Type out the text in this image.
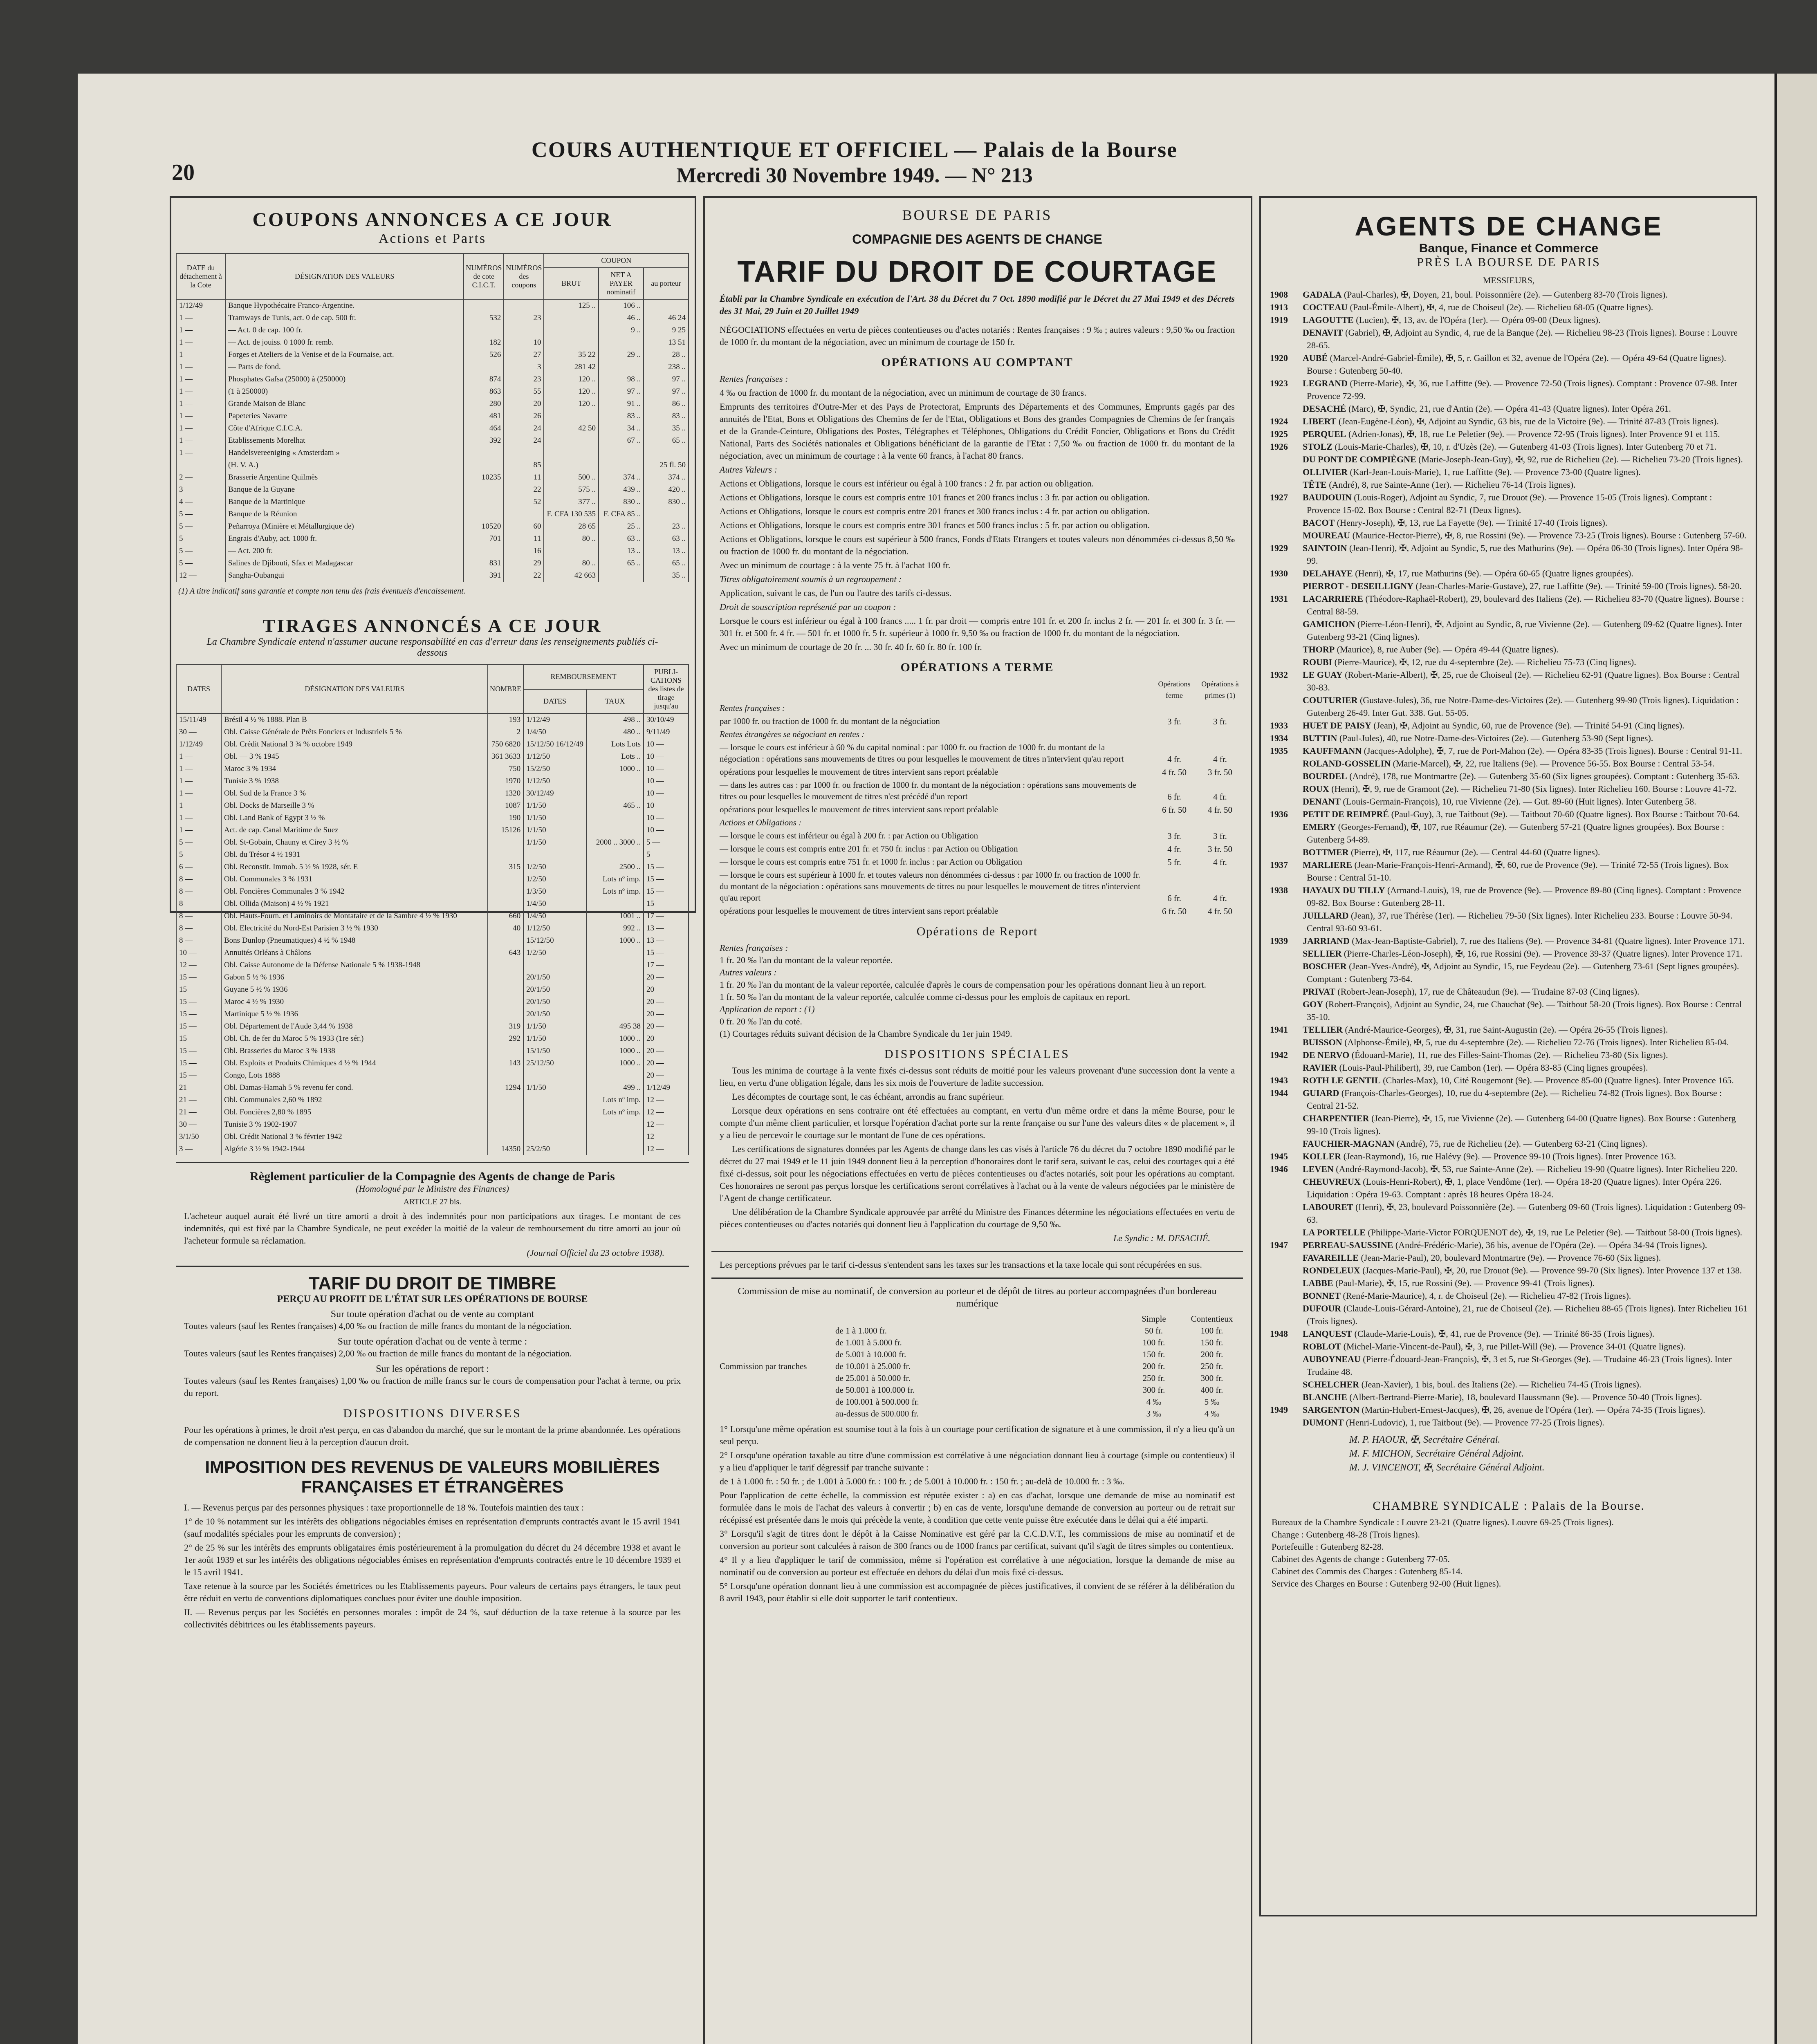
20
COURS AUTHENTIQUE ET OFFICIEL — Palais de la Bourse
Mercredi 30 Novembre 1949. — N° 213
COUPONS ANNONCES A CE JOUR
Actions et Parts
DATE du détachement à la Cote	DÉSIGNATION DES VALEURS	NUMÉROS de cote C.I.C.T.	NUMÉROS des coupons	COUPON		
				BRUT	NET A PAYER nominatif	au porteur
1/12/49	Banque Hypothécaire Franco-Argentine.			125 ..	106 ..	
1 —	Tramways de Tunis, act. 0 de cap. 500 fr.	532	23		46 ..	46 24
1 —	— Act. 0 de cap. 100 fr.				9 ..	9 25
1 —	— Act. de jouiss. 0 1000 fr. remb.	182	10			13 51
1 —	Forges et Ateliers de la Venise et de la Fournaise, act.	526	27	35 22	29 ..	28 ..
1 —	— Parts de fond.		3	281 42		238 ..
1 —	Phosphates Gafsa (25000) à (250000)	874	23	120 ..	98 ..	97 ..
1 —	(1 à 250000)	863	55	120 ..	97 ..	97 ..
1 —	Grande Maison de Blanc	280	20	120 ..	91 ..	86 ..
1 —	Papeteries Navarre	481	26		83 ..	83 ..
1 —	Côte d'Afrique C.I.C.A.	464	24	42 50	34 ..	35 ..
1 —	Etablissements Morelhat	392	24		67 ..	65 ..
1 —	Handelsvereeniging « Amsterdam »					
	(H. V. A.)		85			25 fl. 50
2 —	Brasserie Argentine Quilmès	10235	11	500 ..	374 ..	374 ..
3 —	Banque de la Guyane		22	575 ..	439 ..	420 ..
4 —	Banque de la Martinique		52	377 ..	830 ..	830 ..
5 —	Banque de la Réunion			F. CFA 130 535	F. CFA 85 ..	
5 —	Peñarroya (Minière et Métallurgique de)	10520	60	28 65	25 ..	23 ..
5 —	Engrais d'Auby, act. 1000 fr.	701	11	80 ..	63 ..	63 ..
5 —	— Act. 200 fr.		16		13 ..	13 ..
5 —	Salines de Djibouti, Sfax et Madagascar	831	29	80 ..	65 ..	65 ..
12 —	Sangha-Oubangui	391	22	42 663		35 ..
(1) A titre indicatif sans garantie et compte non tenu des frais éventuels d'encaissement.
TIRAGES ANNONCÉS A CE JOUR
La Chambre Syndicale entend n'assumer aucune responsabilité en cas d'erreur dans les renseignements publiés ci-dessous
DATES	DÉSIGNATION DES VALEURS	NOMBRE	REMBOURSEMENT		PUBLI-CATIONS des listes de tirage jusqu'au
			DATES	TAUX	
15/11/49	Brésil 4 ½ % 1888. Plan B	193	1/12/49	498 ..	30/10/49
30 —	Obl. Caisse Générale de Prêts Fonciers et Industriels 5 %	2	1/4/50	480 ..	9/11/49
1/12/49	Obl. Crédit National 3 ¾ % octobre 1949	750 6820	15/12/50 16/12/49	Lots Lots	10 —
1 —	Obl. — 3 % 1945	361 3633	1/12/50	Lots ..	10 —
1 —	Maroc 3 % 1934	750	15/2/50	1000 ..	10 —
1 —	Tunisie 3 % 1938	1970	1/12/50		10 —
1 —	Obl. Sud de la France 3 %	1320	30/12/49		10 —
1 —	Obl. Docks de Marseille 3 %	1087	1/1/50	465 ..	10 —
1 —	Obl. Land Bank of Egypt 3 ½ %	190	1/1/50		10 —
1 —	Act. de cap. Canal Maritime de Suez	15126	1/1/50		10 —
5 —	Obl. St-Gobain, Chauny et Cirey 3 ½ %		1/1/50	2000 .. 3000 ..	5 —
5 —	Obl. du Trésor 4 ½ 1931				5 —
6 —	Obl. Reconstit. Immob. 5 ½ % 1928, sér. E	315	1/2/50	2500 ..	15 —
8 —	Obl. Communales 3 % 1931		1/2/50	Lots nº imp.	15 —
8 —	Obl. Foncières Communales 3 % 1942		1/3/50	Lots nº imp.	15 —
8 —	Obl. Ollida (Maison) 4 ½ % 1921		1/4/50		15 —
8 —	Obl. Hauts-Fourn. et Laminoirs de Montataire et de la Sambre 4 ½ % 1930	660	1/4/50	1001 ..	17 —
8 —	Obl. Electricité du Nord-Est Parisien 3 ½ % 1930	40	1/12/50	992 ..	13 —
8 —	Bons Dunlop (Pneumatiques) 4 ½ % 1948		15/12/50	1000 ..	13 —
10 —	Annuités Orléans à Châlons	643	1/2/50		15 —
12 —	Obl. Caisse Autonome de la Défense Nationale 5 % 1938-1948				17 —
15 —	Gabon 5 ½ % 1936		20/1/50		20 —
15 —	Guyane 5 ½ % 1936		20/1/50		20 —
15 —	Maroc 4 ½ % 1930		20/1/50		20 —
15 —	Martinique 5 ½ % 1936		20/1/50		20 —
15 —	Obl. Département de l'Aude 3,44 % 1938	319	1/1/50	495 38	20 —
15 —	Obl. Ch. de fer du Maroc 5 % 1933 (1re sér.)	292	1/1/50	1000 ..	20 —
15 —	Obl. Brasseries du Maroc 3 % 1938		15/1/50	1000 ..	20 —
15 —	Obl. Exploits et Produits Chimiques 4 ½ % 1944	143	25/12/50	1000 ..	20 —
15 —	Congo, Lots 1888				20 —
21 —	Obl. Damas-Hamah 5 % revenu fer cond.	1294	1/1/50	499 ..	1/12/49
21 —	Obl. Communales 2,60 % 1892			Lots nº imp.	12 —
21 —	Obl. Foncières 2,80 % 1895			Lots nº imp.	12 —
30 —	Tunisie 3 % 1902-1907				12 —
3/1/50	Obl. Crédit National 3 % février 1942				12 —
3 —	Algérie 3 ½ % 1942-1944	14350	25/2/50		12 —
Règlement particulier de la Compagnie des Agents de change de Paris
(Homologué par le Ministre des Finances)
ARTICLE 27 bis.
L'acheteur auquel aurait été livré un titre amorti a droit à des indemnités pour non participations aux tirages. Le montant de ces indemnités, qui est fixé par la Chambre Syndicale, ne peut excéder la moitié de la valeur de remboursement du titre amorti au jour où l'acheteur formule sa réclamation.
(Journal Officiel du 23 octobre 1938).
TARIF DU DROIT DE TIMBRE
PERÇU AU PROFIT DE L'ÉTAT SUR LES OPÉRATIONS DE BOURSE
Sur toute opération d'achat ou de vente au comptant
Toutes valeurs (sauf les Rentes françaises) 4,00 ‰ ou fraction de mille francs du montant de la négociation.
Sur toute opération d'achat ou de vente à terme :
Toutes valeurs (sauf les Rentes françaises) 2,00 ‰ ou fraction de mille francs du montant de la négociation.
Sur les opérations de report :
Toutes valeurs (sauf les Rentes françaises) 1,00 ‰ ou fraction de mille francs sur le cours de compensation pour l'achat à terme, ou prix du report.
DISPOSITIONS DIVERSES
Pour les opérations à primes, le droit n'est perçu, en cas d'abandon du marché, que sur le montant de la prime abandonnée. Les opérations de compensation ne donnent lieu à la perception d'aucun droit.
IMPOSITION DES REVENUS DE VALEURS MOBILIÈRES FRANÇAISES ET ÉTRANGÈRES
I. — Revenus perçus par des personnes physiques : taxe proportionnelle de 18 %. Toutefois maintien des taux :
1° de 10 % notamment sur les intérêts des obligations négociables émises en représentation d'emprunts contractés avant le 15 avril 1941 (sauf modalités spéciales pour les emprunts de conversion) ;
2° de 25 % sur les intérêts des emprunts obligataires émis postérieurement à la promulgation du décret du 24 décembre 1938 et avant le 1er août 1939 et sur les intérêts des obligations négociables émises en représentation d'emprunts contractés entre le 10 décembre 1939 et le 15 avril 1941.
Taxe retenue à la source par les Sociétés émettrices ou les Etablissements payeurs. Pour valeurs de certains pays étrangers, le taux peut être réduit en vertu de conventions diplomatiques conclues pour éviter une double imposition.
II. — Revenus perçus par les Sociétés en personnes morales : impôt de 24 %, sauf déduction de la taxe retenue à la source par les collectivités débitrices ou les établissements payeurs.
BOURSE DE PARIS
COMPAGNIE DES AGENTS DE CHANGE
TARIF DU DROIT DE COURTAGE
Établi par la Chambre Syndicale en exécution de l'Art. 38 du Décret du 7 Oct. 1890 modifié par le Décret du 27 Mai 1949 et des Décrets des 31 Mai, 29 Juin et 20 Juillet 1949
NÉGOCIATIONS effectuées en vertu de pièces contentieuses ou d'actes notariés : Rentes françaises : 9 ‰ ; autres valeurs : 9,50 ‰ ou fraction de 1000 fr. du montant de la négociation, avec un minimum de courtage de 150 fr.
OPÉRATIONS AU COMPTANT
Rentes françaises :
4 ‰ ou fraction de 1000 fr. du montant de la négociation, avec un minimum de courtage de 30 francs.
Emprunts des territoires d'Outre-Mer et des Pays de Protectorat, Emprunts des Départements et des Communes, Emprunts gagés par des annuités de l'Etat, Bons et Obligations des Chemins de fer de l'Etat, Obligations et Bons des grandes Compagnies de Chemins de fer français et de la Grande-Ceinture, Obligations des Postes, Télégraphes et Téléphones, Obligations du Crédit Foncier, Obligations et Bons du Crédit National, Parts des Sociétés nationales et Obligations bénéficiant de la garantie de l'Etat : 7,50 ‰ ou fraction de 1000 fr. du montant de la négociation, avec un minimum de courtage : à la vente 60 francs, à l'achat 80 francs.
Autres Valeurs :
Actions et Obligations, lorsque le cours est inférieur ou égal à 100 francs : 2 fr. par action ou obligation.
Actions et Obligations, lorsque le cours est compris entre 101 francs et 200 francs inclus : 3 fr. par action ou obligation.
Actions et Obligations, lorsque le cours est compris entre 201 francs et 300 francs inclus : 4 fr. par action ou obligation.
Actions et Obligations, lorsque le cours est compris entre 301 francs et 500 francs inclus : 5 fr. par action ou obligation.
Actions et Obligations, lorsque le cours est supérieur à 500 francs, Fonds d'Etats Etrangers et toutes valeurs non dénommées ci-dessus 8,50 ‰ ou fraction de 1000 fr. du montant de la négociation.
Avec un minimum de courtage : à la vente 75 fr. à l'achat 100 fr.
Titres obligatoirement soumis à un regroupement :
Application, suivant le cas, de l'un ou l'autre des tarifs ci-dessus.
Droit de souscription représenté par un coupon :
Lorsque le cours est inférieur ou égal à 100 francs ..... 1 fr. par droit — compris entre 101 fr. et 200 fr. inclus 2 fr. — 201 fr. et 300 fr. 3 fr. — 301 fr. et 500 fr. 4 fr. — 501 fr. et 1000 fr. 5 fr. supérieur à 1000 fr. 9,50 ‰ ou fraction de 1000 fr. du montant de la négociation.
Avec un minimum de courtage de 20 fr. ... 30 fr. 40 fr. 60 fr. 80 fr. 100 fr.
OPÉRATIONS A TERME
	Opérations ferme	Opérations à primes (1)
Rentes françaises :		
par 1000 fr. ou fraction de 1000 fr. du montant de la négociation	3 fr.	3 fr.
Rentes étrangères se négociant en rentes :		
— lorsque le cours est inférieur à 60 % du capital nominal : par 1000 fr. ou fraction de 1000 fr. du montant de la négociation : opérations sans mouvements de titres ou pour lesquelles le mouvement de titres n'intervient qu'au report	4 fr.	4 fr.
opérations pour lesquelles le mouvement de titres intervient sans report préalable	4 fr. 50	3 fr. 50
— dans les autres cas : par 1000 fr. ou fraction de 1000 fr. du montant de la négociation : opérations sans mouvements de titres ou pour lesquelles le mouvement de titres n'est précédé d'un report	6 fr.	4 fr.
opérations pour lesquelles le mouvement de titres intervient sans report préalable	6 fr. 50	4 fr. 50
Actions et Obligations :		
— lorsque le cours est inférieur ou égal à 200 fr. : par Action ou Obligation	3 fr.	3 fr.
— lorsque le cours est compris entre 201 fr. et 750 fr. inclus : par Action ou Obligation	4 fr.	3 fr. 50
— lorsque le cours est compris entre 751 fr. et 1000 fr. inclus : par Action ou Obligation	5 fr.	4 fr.
— lorsque le cours est supérieur à 1000 fr. et toutes valeurs non dénommées ci-dessus : par 1000 fr. ou fraction de 1000 fr. du montant de la négociation : opérations sans mouvements de titres ou pour lesquelles le mouvement de titres n'intervient qu'au report	6 fr.	4 fr.
opérations pour lesquelles le mouvement de titres intervient sans report préalable	6 fr. 50	4 fr. 50
Opérations de Report
Rentes françaises :
1 fr. 20 ‰ l'an du montant de la valeur reportée.
Autres valeurs :
1 fr. 20 ‰ l'an du montant de la valeur reportée, calculée d'après le cours de compensation pour les opérations donnant lieu à un report.
1 fr. 50 ‰ l'an du montant de la valeur reportée, calculée comme ci-dessus pour les emplois de capitaux en report.
Application de report : (1)
0 fr. 20 ‰ l'an du coté.
(1) Courtages réduits suivant décision de la Chambre Syndicale du 1er juin 1949.
DISPOSITIONS SPÉCIALES
Tous les minima de courtage à la vente fixés ci-dessus sont réduits de moitié pour les valeurs provenant d'une succession dont la vente a lieu, en vertu d'une obligation légale, dans les six mois de l'ouverture de ladite succession.
Les décomptes de courtage sont, le cas échéant, arrondis au franc supérieur.
Lorsque deux opérations en sens contraire ont été effectuées au comptant, en vertu d'un même ordre et dans la même Bourse, pour le compte d'un même client particulier, et lorsque l'opération d'achat porte sur la rente française ou sur l'une des valeurs dites « de placement », il y a lieu de percevoir le courtage sur le montant de l'une de ces opérations.
Les certifications de signatures données par les Agents de change dans les cas visés à l'article 76 du décret du 7 octobre 1890 modifié par le décret du 27 mai 1949 et le 11 juin 1949 donnent lieu à la perception d'honoraires dont le tarif sera, suivant le cas, celui des courtages qui a été fixé ci-dessus, soit pour les négociations effectuées en vertu de pièces contentieuses ou d'actes notariés, soit pour les opérations au comptant. Ces honoraires ne seront pas perçus lorsque les certifications seront corrélatives à l'achat ou à la vente de valeurs négociées par le ministère de l'Agent de change certificateur.
Une délibération de la Chambre Syndicale approuvée par arrêté du Ministre des Finances détermine les négociations effectuées en vertu de pièces contentieuses ou d'actes notariés qui donnent lieu à l'application du courtage de 9,50 ‰.
Le Syndic : M. DESACHÉ.
Les perceptions prévues par le tarif ci-dessus s'entendent sans les taxes sur les transactions et la taxe locale qui sont récupérées en sus.
Commission de mise au nominatif, de conversion au porteur et de dépôt de titres au porteur accompagnées d'un bordereau numérique
		Simple	Contentieux
	de 1 à 1.000 fr.	50 fr.	100 fr.
	de 1.001 à 5.000 fr.	100 fr.	150 fr.
	de 5.001 à 10.000 fr.	150 fr.	200 fr.
Commission par tranches	de 10.001 à 25.000 fr.	200 fr.	250 fr.
	de 25.001 à 50.000 fr.	250 fr.	300 fr.
	de 50.001 à 100.000 fr.	300 fr.	400 fr.
	de 100.001 à 500.000 fr.	4 ‰	5 ‰
	au-dessus de 500.000 fr.	3 ‰	4 ‰
1° Lorsqu'une même opération est soumise tout à la fois à un courtage pour certification de signature et à une commission, il n'y a lieu qu'à un seul perçu.
2° Lorsqu'une opération taxable au titre d'une commission est corrélative à une négociation donnant lieu à courtage (simple ou contentieux) il y a lieu d'appliquer le tarif dégressif par tranche suivante :
de 1 à 1.000 fr. : 50 fr. ; de 1.001 à 5.000 fr. : 100 fr. ; de 5.001 à 10.000 fr. : 150 fr. ; au-delà de 10.000 fr. : 3 ‰.
Pour l'application de cette échelle, la commission est réputée exister : a) en cas d'achat, lorsque une demande de mise au nominatif est formulée dans le mois de l'achat des valeurs à convertir ; b) en cas de vente, lorsqu'une demande de conversion au porteur ou de retrait sur récépissé est présentée dans le mois qui précède la vente, à condition que cette vente puisse être exécutée dans le délai qui a été imparti.
3° Lorsqu'il s'agit de titres dont le dépôt à la Caisse Nominative est géré par la C.C.D.V.T., les commissions de mise au nominatif et de conversion au porteur sont calculées à raison de 300 francs ou de 1000 francs par certificat, suivant qu'il s'agit de titres simples ou contentieux.
4° Il y a lieu d'appliquer le tarif de commission, même si l'opération est corrélative à une négociation, lorsque la demande de mise au nominatif ou de conversion au porteur est effectuée en dehors du délai d'un mois fixé ci-dessus.
5° Lorsqu'une opération donnant lieu à une commission est accompagnée de pièces justificatives, il convient de se référer à la délibération du 8 avril 1943, pour établir si elle doit supporter le tarif contentieux.
AGENTS DE CHANGE
Banque, Finance et Commerce
PRÈS LA BOURSE DE PARIS
MESSIEURS,

1908 GADALA (Paul-Charles), ✠, Doyen, 21, boul. Poissonnière (2e). — Gutenberg 83-70 (Trois lignes).

1913 COCTEAU (Paul-Émile-Albert), ✠, 4, rue de Choiseul (2e). — Richelieu 68-05 (Quatre lignes).

1919 LAGOUTTE (Lucien), ✠, 13, av. de l'Opéra (1er). — Opéra 09-00 (Deux lignes).

DENAVIT (Gabriel), ✠, Adjoint au Syndic, 4, rue de la Banque (2e). — Richelieu 98-23 (Trois lignes). Bourse : Louvre 28-65.

1920 AUBÉ (Marcel-André-Gabriel-Émile), ✠, 5, r. Gaillon et 32, avenue de l'Opéra (2e). — Opéra 49-64 (Quatre lignes). Bourse : Gutenberg 50-40.

1923 LEGRAND (Pierre-Marie), ✠, 36, rue Laffitte (9e). — Provence 72-50 (Trois lignes). Comptant : Provence 07-98. Inter Provence 72-99.

DESACHÉ (Marc), ✠, Syndic, 21, rue d'Antin (2e). — Opéra 41-43 (Quatre lignes). Inter Opéra 261.

1924 LIBERT (Jean-Eugène-Léon), ✠, Adjoint au Syndic, 63 bis, rue de la Victoire (9e). — Trinité 87-83 (Trois lignes).

1925 PERQUEL (Adrien-Jonas), ✠, 18, rue Le Peletier (9e). — Provence 72-95 (Trois lignes). Inter Provence 91 et 115.

1926 STOLZ (Louis-Marie-Charles), ✠, 10, r. d'Uzès (2e). — Gutenberg 41-03 (Trois lignes). Inter Gutenberg 70 et 71.

DU PONT DE COMPIÈGNE (Marie-Joseph-Jean-Guy), ✠, 92, rue de Richelieu (2e). — Richelieu 73-20 (Trois lignes).

OLLIVIER (Karl-Jean-Louis-Marie), 1, rue Laffitte (9e). — Provence 73-00 (Quatre lignes).

TÊTE (André), 8, rue Sainte-Anne (1er). — Richelieu 76-14 (Trois lignes).

1927 BAUDOUIN (Louis-Roger), Adjoint au Syndic, 7, rue Drouot (9e). — Provence 15-05 (Trois lignes). Comptant : Provence 15-02. Box Bourse : Central 82-71 (Deux lignes).

BACOT (Henry-Joseph), ✠, 13, rue La Fayette (9e). — Trinité 17-40 (Trois lignes).

MOUREAU (Maurice-Hector-Pierre), ✠, 8, rue Rossini (9e). — Provence 73-25 (Trois lignes). Bourse : Gutenberg 57-60.

1929 SAINTOIN (Jean-Henri), ✠, Adjoint au Syndic, 5, rue des Mathurins (9e). — Opéra 06-30 (Trois lignes). Inter Opéra 98-99.

1930 DELAHAYE (Henri), ✠, 17, rue Mathurins (9e). — Opéra 60-65 (Quatre lignes groupées).

PIERROT - DESEILLIGNY (Jean-Charles-Marie-Gustave), 27, rue Laffitte (9e). — Trinité 59-00 (Trois lignes). 58-20.

1931 LACARRIERE (Théodore-Raphaël-Robert), 29, boulevard des Italiens (2e). — Richelieu 83-70 (Quatre lignes). Bourse : Central 88-59.

GAMICHON (Pierre-Léon-Henri), ✠, Adjoint au Syndic, 8, rue Vivienne (2e). — Gutenberg 09-62 (Quatre lignes). Inter Gutenberg 93-21 (Cinq lignes).

THORP (Maurice), 8, rue Auber (9e). — Opéra 49-44 (Quatre lignes).

ROUBI (Pierre-Maurice), ✠, 12, rue du 4-septembre (2e). — Richelieu 75-73 (Cinq lignes).

1932 LE GUAY (Robert-Marie-Albert), ✠, 25, rue de Choiseul (2e). — Richelieu 62-91 (Quatre lignes). Box Bourse : Central 30-83.

COUTURIER (Gustave-Jules), 36, rue Notre-Dame-des-Victoires (2e). — Gutenberg 99-90 (Trois lignes). Liquidation : Gutenberg 26-49. Inter Gut. 338. Gut. 55-05.

1933 HUET DE PAISY (Jean), ✠, Adjoint au Syndic, 60, rue de Provence (9e). — Trinité 54-91 (Cinq lignes).

1934 BUTTIN (Paul-Jules), 40, rue Notre-Dame-des-Victoires (2e). — Gutenberg 53-90 (Sept lignes).

1935 KAUFFMANN (Jacques-Adolphe), ✠, 7, rue de Port-Mahon (2e). — Opéra 83-35 (Trois lignes). Bourse : Central 91-11.

ROLAND-GOSSELIN (Marie-Marcel), ✠, 22, rue Italiens (9e). — Provence 56-55. Box Bourse : Central 53-54.

BOURDEL (André), 178, rue Montmartre (2e). — Gutenberg 35-60 (Six lignes groupées). Comptant : Gutenberg 35-63.

ROUX (Henri), ✠, 9, rue de Gramont (2e). — Richelieu 71-80 (Six lignes). Inter Richelieu 160. Bourse : Louvre 41-72.

DENANT (Louis-Germain-François), 10, rue Vivienne (2e). — Gut. 89-60 (Huit lignes). Inter Gutenberg 58.

1936 PETIT DE REIMPRÉ (Paul-Guy), 3, rue Taitbout (9e). — Taitbout 70-60 (Quatre lignes). Box Bourse : Taitbout 70-64.

EMERY (Georges-Fernand), ✠, 107, rue Réaumur (2e). — Gutenberg 57-21 (Quatre lignes groupées). Box Bourse : Gutenberg 54-89.

BOTTMER (Pierre), ✠, 117, rue Réaumur (2e). — Central 44-60 (Quatre lignes).

1937 MARLIERE (Jean-Marie-François-Henri-Armand), ✠, 60, rue de Provence (9e). — Trinité 72-55 (Trois lignes). Box Bourse : Central 51-10.

1938 HAYAUX DU TILLY (Armand-Louis), 19, rue de Provence (9e). — Provence 89-80 (Cinq lignes). Comptant : Provence 09-82. Box Bourse : Gutenberg 28-11.

JUILLARD (Jean), 37, rue Thérèse (1er). — Richelieu 79-50 (Six lignes). Inter Richelieu 233. Bourse : Louvre 50-94. Central 93-60 93-61.

1939 JARRIAND (Max-Jean-Baptiste-Gabriel), 7, rue des Italiens (9e). — Provence 34-81 (Quatre lignes). Inter Provence 171.

SELLIER (Pierre-Charles-Léon-Joseph), ✠, 16, rue Rossini (9e). — Provence 39-37 (Quatre lignes). Inter Provence 171.

BOSCHER (Jean-Yves-André), ✠, Adjoint au Syndic, 15, rue Feydeau (2e). — Gutenberg 73-61 (Sept lignes groupées). Comptant : Gutenberg 73-64.

PRIVAT (Robert-Jean-Joseph), 17, rue de Châteaudun (9e). — Trudaine 87-03 (Cinq lignes).

GOY (Robert-François), Adjoint au Syndic, 24, rue Chauchat (9e). — Taitbout 58-20 (Trois lignes). Box Bourse : Central 35-10.

1941 TELLIER (André-Maurice-Georges), ✠, 31, rue Saint-Augustin (2e). — Opéra 26-55 (Trois lignes).

BUISSON (Alphonse-Émile), ✠, 5, rue du 4-septembre (2e). — Richelieu 72-76 (Trois lignes). Inter Richelieu 85-04.

1942 DE NERVO (Édouard-Marie), 11, rue des Filles-Saint-Thomas (2e). — Richelieu 73-80 (Six lignes).

RAVIER (Louis-Paul-Philibert), 39, rue Cambon (1er). — Opéra 83-85 (Cinq lignes groupées).

1943 ROTH LE GENTIL (Charles-Max), 10, Cité Rougemont (9e). — Provence 85-00 (Quatre lignes). Inter Provence 165.

1944 GUIARD (François-Charles-Georges), 10, rue du 4-septembre (2e). — Richelieu 74-82 (Trois lignes). Box Bourse : Central 21-52.

CHARPENTIER (Jean-Pierre), ✠, 15, rue Vivienne (2e). — Gutenberg 64-00 (Quatre lignes). Box Bourse : Gutenberg 99-10 (Trois lignes).

FAUCHIER-MAGNAN (André), 75, rue de Richelieu (2e). — Gutenberg 63-21 (Cinq lignes).

1945 KOLLER (Jean-Raymond), 16, rue Halévy (9e). — Provence 99-10 (Trois lignes). Inter Provence 163.

1946 LEVEN (André-Raymond-Jacob), ✠, 53, rue Sainte-Anne (2e). — Richelieu 19-90 (Quatre lignes). Inter Richelieu 220.

CHEUVREUX (Louis-Henri-Robert), ✠, 1, place Vendôme (1er). — Opéra 18-20 (Quatre lignes). Inter Opéra 226. Liquidation : Opéra 19-63. Comptant : après 18 heures Opéra 18-24.

LABOURET (Henri), ✠, 23, boulevard Poissonnière (2e). — Gutenberg 09-60 (Trois lignes). Liquidation : Gutenberg 09-63.

LA PORTELLE (Philippe-Marie-Victor FORQUENOT de), ✠, 19, rue Le Peletier (9e). — Taitbout 58-00 (Trois lignes).

1947 PERREAU-SAUSSINE (André-Frédéric-Marie), 36 bis, avenue de l'Opéra (2e). — Opéra 34-94 (Trois lignes).

FAVAREILLE (Jean-Marie-Paul), 20, boulevard Montmartre (9e). — Provence 76-60 (Six lignes).

RONDELEUX (Jacques-Marie-Paul), ✠, 20, rue Drouot (9e). — Provence 99-70 (Six lignes). Inter Provence 137 et 138.

LABBE (Paul-Marie), ✠, 15, rue Rossini (9e). — Provence 99-41 (Trois lignes).

BONNET (René-Marie-Maurice), 4, r. de Choiseul (2e). — Richelieu 47-82 (Trois lignes).

DUFOUR (Claude-Louis-Gérard-Antoine), 21, rue de Choiseul (2e). — Richelieu 88-65 (Trois lignes). Inter Richelieu 161 (Trois lignes).

1948 LANQUEST (Claude-Marie-Louis), ✠, 41, rue de Provence (9e). — Trinité 86-35 (Trois lignes).

ROBLOT (Michel-Marie-Vincent-de-Paul), ✠, 3, rue Pillet-Will (9e). — Provence 34-01 (Quatre lignes).

AUBOYNEAU (Pierre-Édouard-Jean-François), ✠, 3 et 5, rue St-Georges (9e). — Trudaine 46-23 (Trois lignes). Inter Trudaine 48.

SCHELCHER (Jean-Xavier), 1 bis, boul. des Italiens (2e). — Richelieu 74-45 (Trois lignes).

BLANCHE (Albert-Bertrand-Pierre-Marie), 18, boulevard Haussmann (9e). — Provence 50-40 (Trois lignes).

1949 SARGENTON (Martin-Hubert-Ernest-Jacques), ✠, 26, avenue de l'Opéra (1er). — Opéra 74-35 (Trois lignes).

DUMONT (Henri-Ludovic), 1, rue Taitbout (9e). — Provence 77-25 (Trois lignes).

M. P. HAOUR, ✠, Secrétaire Général.
M. F. MICHON, Secrétaire Général Adjoint.
M. J. VINCENOT, ✠, Secrétaire Général Adjoint.
CHAMBRE SYNDICALE : Palais de la Bourse.
Bureaux de la Chambre Syndicale : Louvre 23-21 (Quatre lignes). Louvre 69-25 (Trois lignes).
Change : Gutenberg 48-28 (Trois lignes).
Portefeuille : Gutenberg 82-28.
Cabinet des Agents de change : Gutenberg 77-05.
Cabinet des Commis des Charges : Gutenberg 85-14.
Service des Charges en Bourse : Gutenberg 92-00 (Huit lignes).
